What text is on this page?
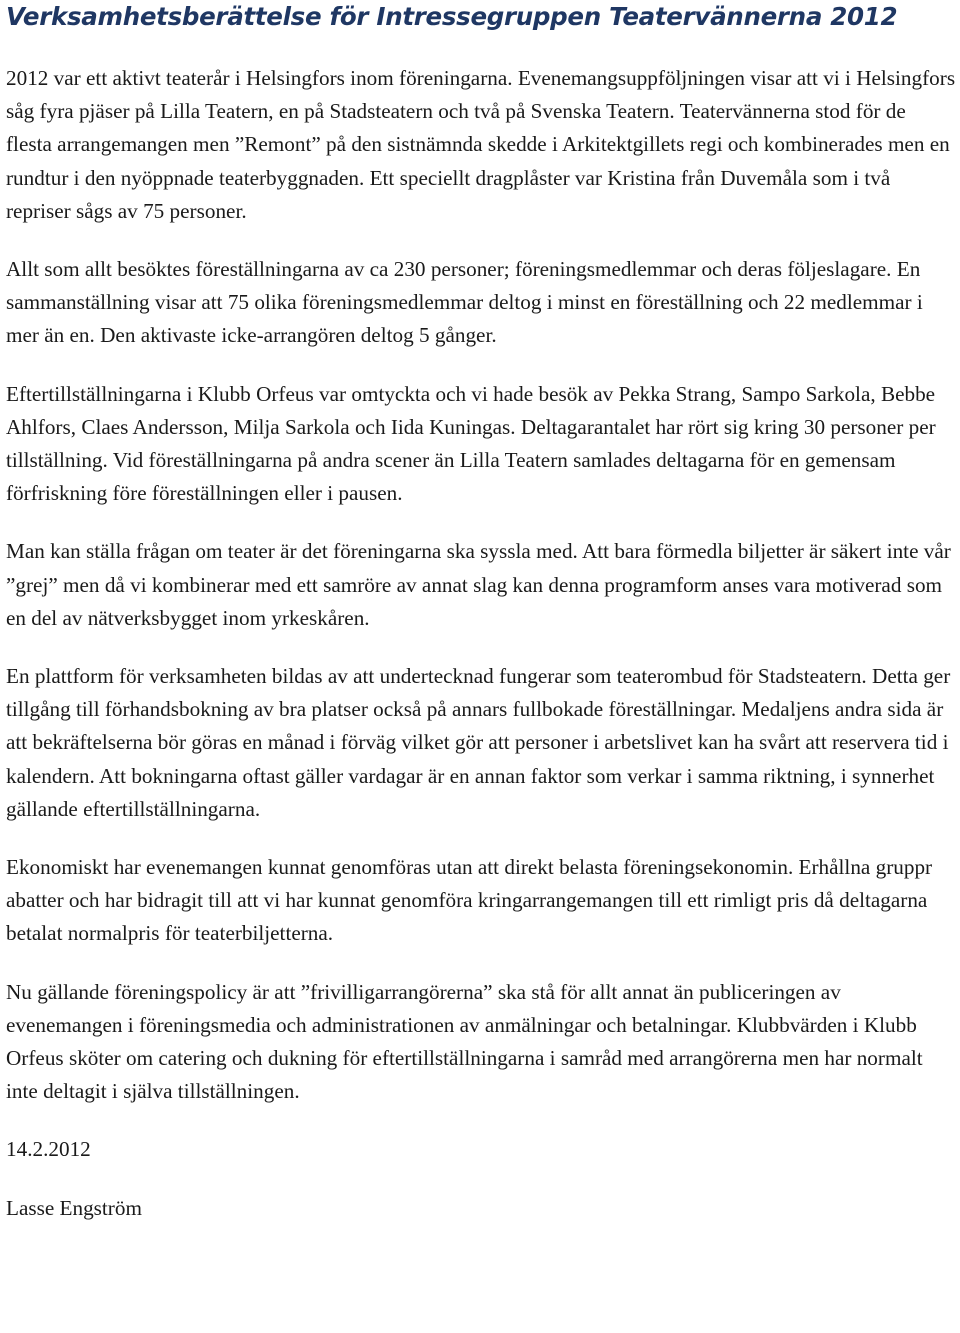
Verksamhetsberättelse för Intressegruppen Teatervännerna 2012

2012 var ett aktivt teaterår i Helsingfors inom föreningarna. Evenemangsuppföljningen visar att vi i Helsingfors såg fyra pjäser på Lilla Teatern, en på Stadsteatern och två på Svenska Teatern. Teatervännerna stod för de flesta arrangemangen men ”Remont” på den sistnämnda skedde i Arkitektgillets regi och kombinerades men en rundtur i den nyöppnade teaterbyggnaden. Ett speciellt dragplåster var Kristina från Duvemåla som i två repriser sågs av 75 personer.

Allt som allt besöktes föreställningarna av ca 230 personer; föreningsmedlemmar och deras följeslagare. En sammanställning visar att 75 olika föreningsmedlemmar deltog i minst en föreställning och 22 medlemmar i mer än en. Den aktivaste icke-arrangören deltog 5 gånger.

Eftertillställningarna i Klubb Orfeus var omtyckta och vi hade besök av Pekka Strang, Sampo Sarkola, Bebbe Ahlfors, Claes Andersson, Milja Sarkola och Iida Kuningas. Deltagarantalet har rört sig kring 30 personer per tillställning. Vid föreställningarna på andra scener än Lilla Teatern samlades deltagarna för en gemensam förfriskning före föreställningen eller i pausen.

Man kan ställa frågan om teater är det föreningarna ska syssla med. Att bara förmedla biljetter är säkert inte vår ”grej” men då vi kombinerar med ett samröre av annat slag kan denna programform anses vara motiverad som en del av nätverksbygget inom yrkeskåren.

En plattform för verksamheten bildas av att undertecknad fungerar som teaterombud för Stadsteatern. Detta ger tillgång till förhandsbokning av bra platser också på annars fullbokade föreställningar. Medaljens andra sida är att bekräftelserna bör göras en månad i förväg vilket gör att personer i arbetslivet kan ha svårt att reservera tid i kalendern. Att bokningarna oftast gäller vardagar är en annan faktor som verkar i samma riktning, i synnerhet gällande eftertillställningarna.

Ekonomiskt har evenemangen kunnat genomföras utan att direkt belasta föreningsekonomin. Erhållna gruppr abatter och har bidragit till att vi har kunnat genomföra kringarrangemangen till ett rimligt pris då deltagarna betalat normalpris för teaterbiljetterna.

Nu gällande föreningspolicy är att ”frivilligarrangörerna” ska stå för allt annat än publiceringen av evenemangen i föreningsmedia och administrationen av anmälningar och betalningar. Klubbvärden i Klubb Orfeus sköter om catering och dukning för eftertillställningarna i samråd med arrangörerna men har normalt inte deltagit i själva tillställningen.

14.2.2012

Lasse Engström
